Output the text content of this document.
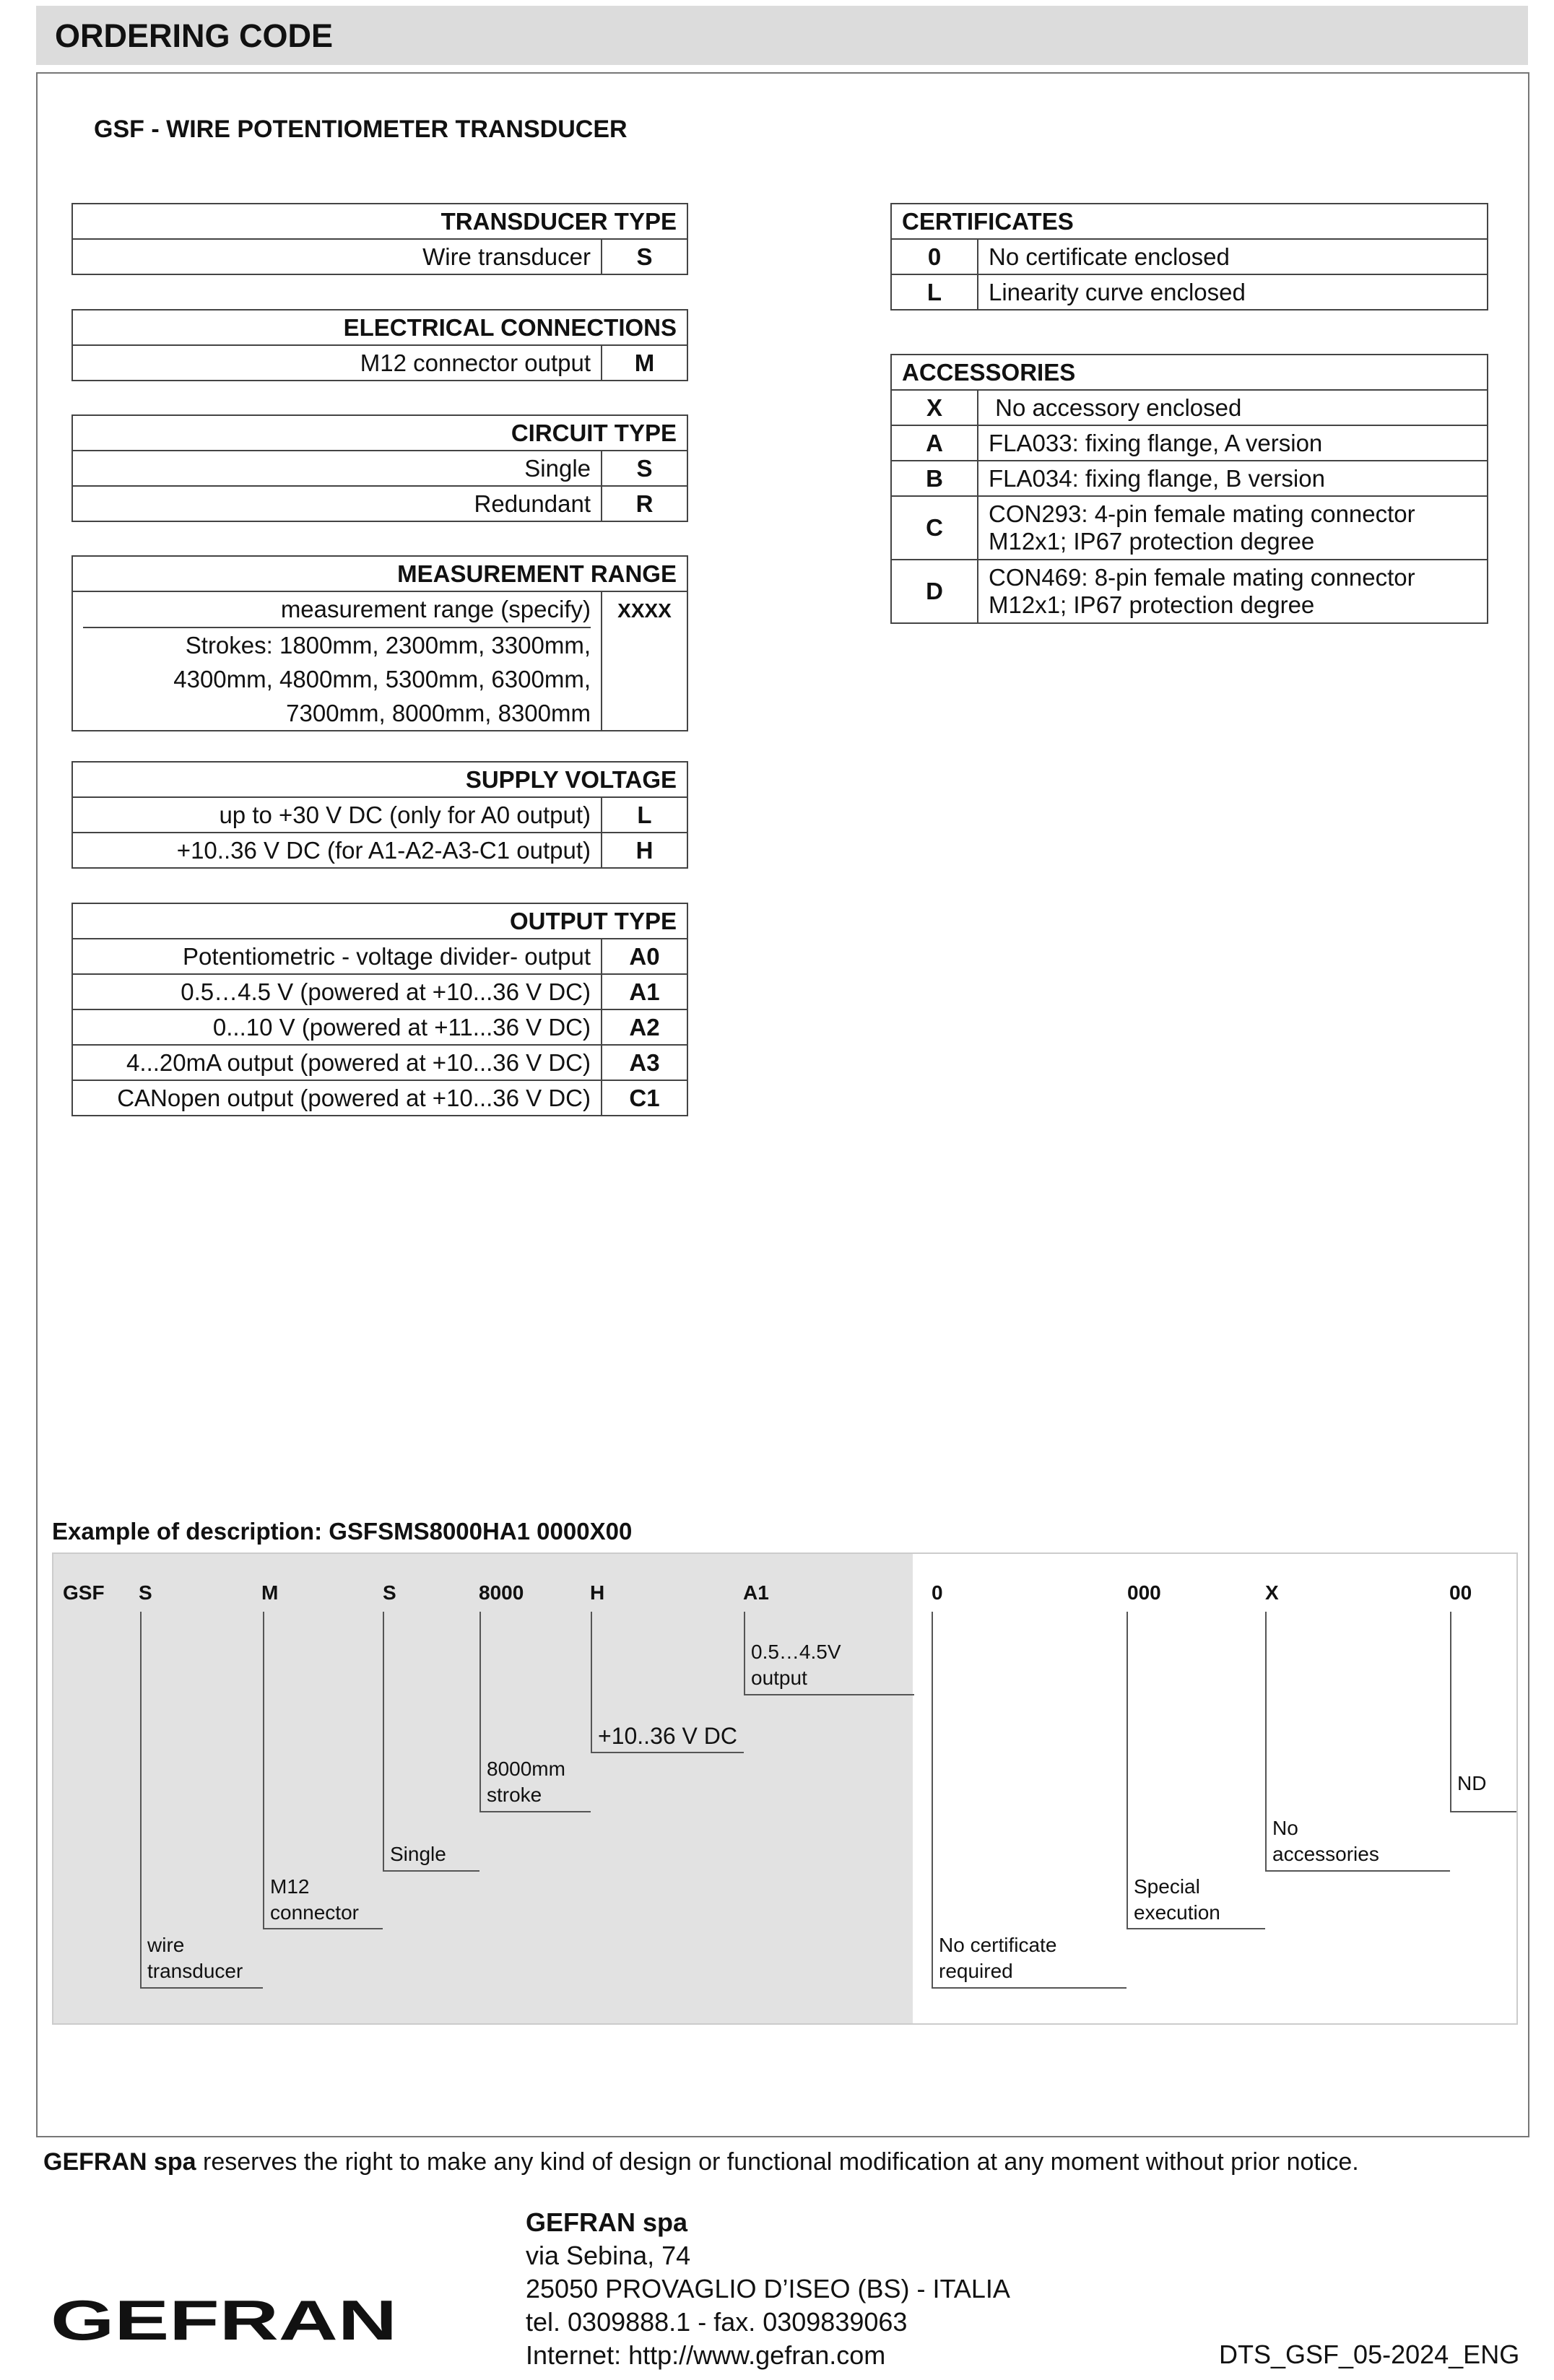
ORDERING CODE
GSF - WIRE POTENTIOMETER TRANSDUCER
TRANSDUCER TYPE
Wire transducer	S
ELECTRICAL CONNECTIONS
M12 connector output	M
CIRCUIT TYPE	
Single	S
Redundant	R
MEASUREMENT RANGE

measurement range (specify)
Strokes: 1800mm, 2300mm, 3300mm,
4300mm, 4800mm, 5300mm, 6300mm,
7300mm, 8000mm, 8300mm
	XXXX
SUPPLY VOLTAGE	
up to +30 V DC (only for A0 output)	L
+10..36 V DC (for A1-A2-A3-C1 output)	H
OUTPUT TYPE	
Potentiometric - voltage divider- output	A0
0.5…4.5 V (powered at +10...36 V DC)	A1
0...10 V (powered at +11...36 V DC)	A2
4...20mA output (powered at +10...36 V DC)	A3
CANopen output (powered at +10...36 V DC)	C1
CERTIFICATES	
0	No certificate enclosed
L	Linearity curve enclosed
ACCESSORIES	
X	No accessory enclosed
A	FLA033: fixing flange, A version
B	FLA034: fixing flange, B version
C	CON293: 4-pin female mating connector
M12x1; IP67 protection degree

D	CON469: 8-pin female mating connector
M12x1; IP67 protection degree
Example of description: GSFSMS8000HA1 0000X00
GSF S	M	S	8000	H	A1	0	000	X	00
wire
transducer
M12
connector
Single
8000mm
stroke
+10..36 V DC
0.5…4.5V
output
No certificate
required
Special
execution
No
accessories
ND
GEFRAN spa reserves the right to make any kind of design or functional modification at any moment without prior notice.
GEFRAN spa
via Sebina, 74
25050 PROVAGLIO D’ISEO (BS) - ITALIA
tel. 0309888.1 - fax. 0309839063
Internet: http://www.gefran.com
GEFRAN
DTS_GSF_05-2024_ENG
